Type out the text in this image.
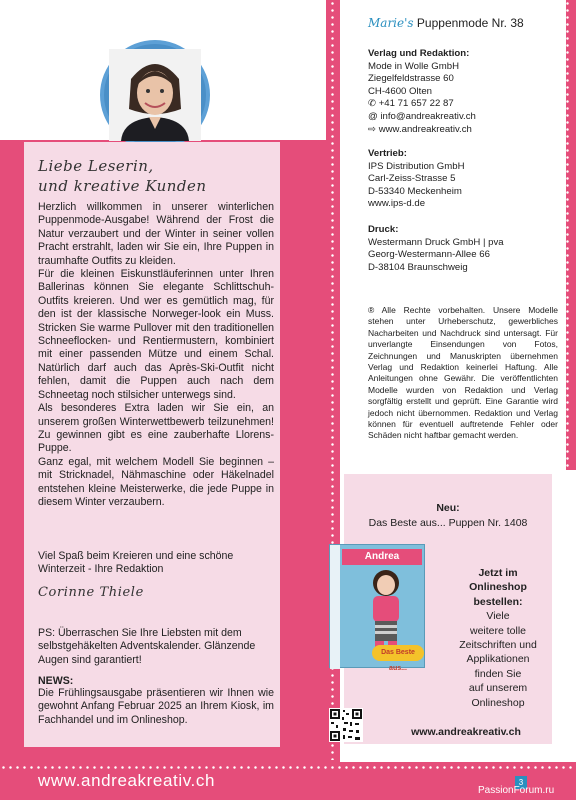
Liebe Leserin,
und kreative Kunden

Herzlich willkommen in unserer winterlichen Puppenmode-Ausgabe! Während der Frost die Natur verzaubert und der Winter in seiner vollen Pracht erstrahlt, laden wir Sie ein, Ihre Puppen in traumhafte Outfits zu kleiden.

Für die kleinen Eiskunstläuferinnen unter Ihren Ballerinas können Sie elegante Schlittschuh-Outfits kreieren. Und wer es gemütlich mag, für den ist der klassische Norweger-look ein Muss. Stricken Sie warme Pullover mit den traditionellen Schneeflocken- und Rentiermustern, kombiniert mit einer passenden Mütze und einem Schal. Natürlich darf auch das Après-Ski-Outfit nicht fehlen, damit die Puppen auch nach dem Schneetag noch stilsicher unterwegs sind.

Als besonderes Extra laden wir Sie ein, an unserem großen Winterwettbewerb teilzunehmen! Zu gewinnen gibt es eine zauberhafte Llorens-Puppe.

Ganz egal, mit welchem Modell Sie beginnen – mit Stricknadel, Nähmaschine oder Häkelnadel entstehen kleine Meisterwerke, die jede Puppe in diesem Winter verzaubern.

Viel Spaß beim Kreieren und eine schöne Winterzeit - Ihre Redaktion
Corinne Thiele
PS: Überraschen Sie Ihre Liebsten mit dem selbstgehäkelten Adventskalender. Glänzende Augen sind garantiert!
NEWS:
Die Frühlingsausgabe präsentieren wir Ihnen wie gewohnt Anfang Februar 2025 an Ihrem Kiosk, im Fachhandel und im Onlineshop.
Marie's Puppenmode Nr. 38
Verlag und Redaktion:
Mode in Wolle GmbH
Ziegelfeldstrasse 60
CH-4600 Olten
✆ +41 71 657 22 87
@ info@andreakreativ.ch
⇨ www.andreakreativ.ch
Vertrieb:
IPS Distribution GmbH
Carl-Zeiss-Strasse 5
D-53340 Meckenheim
www.ips-d.de
Druck:
Westermann Druck GmbH | pva
Georg-Westermann-Allee 66
D-38104 Braunschweig
® Alle Rechte vorbehalten. Unsere Modelle stehen unter Urheberschutz, gewerbliches Nacharbeiten und Nachdruck sind untersagt. Für unverlangte Einsendungen von Fotos, Zeichnungen und Manuskripten übernehmen Verlag und Redaktion keinerlei Haftung. Alle Anleitungen ohne Gewähr. Die veröffentlichten Modelle wurden von Redaktion und Verlag sorgfältig erstellt und geprüft. Eine Garantie wird jedoch nicht übernommen. Redaktion und Verlag können für eventuell auftretende Fehler oder Schäden nicht haftbar gemacht werden.
Neu:
Das Beste aus... Puppen Nr. 1408
Andrea
Das Beste aus...
Jetzt im
Onlineshop
bestellen:
Viele
weitere tolle
Zeitschriften und
Applikationen
finden Sie
auf unserem
Onlineshop
www.andreakreativ.ch
www.andreakreativ.ch	3
PassionForum.ru
